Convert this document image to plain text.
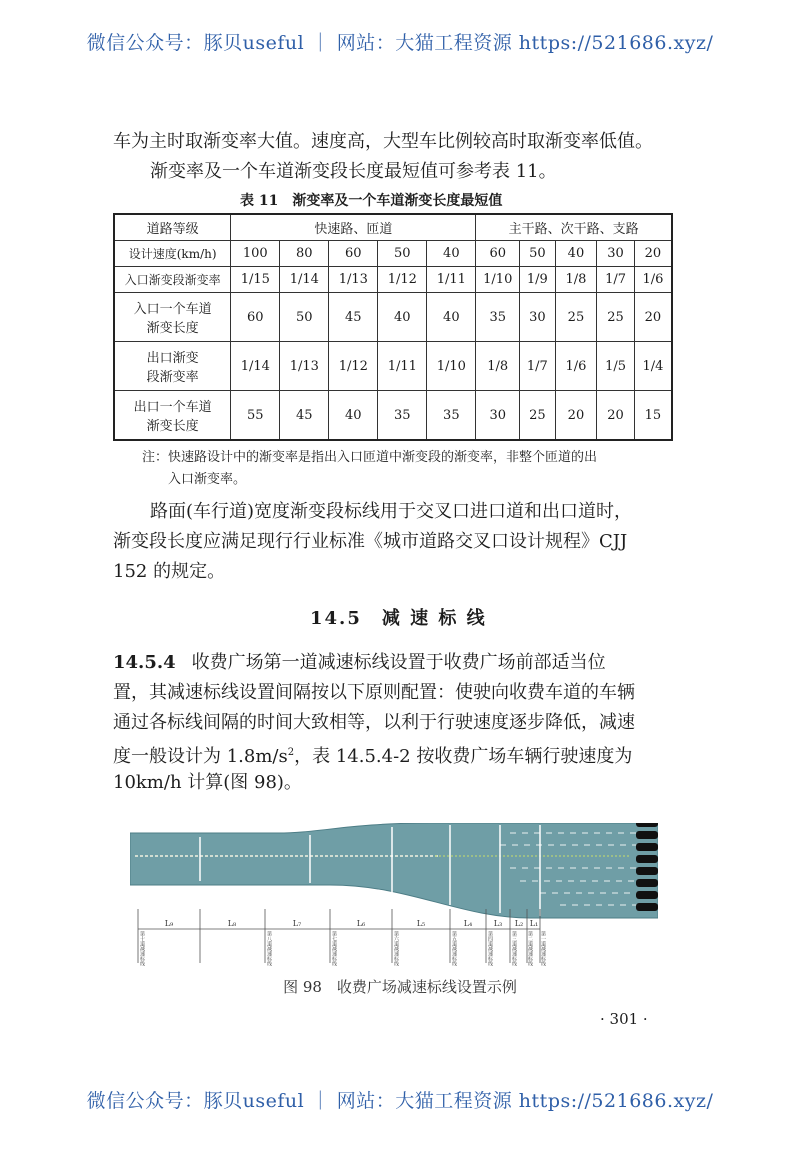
微信公众号：豚贝useful ｜ 网站：大猫工程资源 https://521686.xyz/
车为主时取渐变率大值。速度高，大型车比例较高时取渐变率低值。
渐变率及一个车道渐变段长度最短值可参考表 11。
表 11　渐变率及一个车道渐变长度最短值
道路等级	快速路、匝道					主干路、次干路、支路				
设计速度(km/h)	100	80	60	50	40	60	50	40	30	20
入口渐变段渐变率	1/15	1/14	1/13	1/12	1/11	1/10	1/9	1/8	1/7	1/6

入口一个车道
渐变长度	60	50	45	40	40	35	30	25	25	20

出口渐变
段渐变率	1/14	1/13	1/12	1/11	1/10	1/8	1/7	1/6	1/5	1/4

出口一个车道
渐变长度	55	45	40	35	35	30	25	20	20	15
注：快速路设计中的渐变率是指出入口匝道中渐变段的渐变率，非整个匝道的出
入口渐变率。
路面(车行道)宽度渐变段标线用于交叉口进口道和出口道时，
渐变段长度应满足现行行业标准《城市道路交叉口设计规程》CJJ
152 的规定。
14.5　减 速 标 线
14.5.4 收费广场第一道减速标线设置于收费广场前部适当位
置，其减速标线设置间隔按以下原则配置：使驶向收费车道的车辆
通过各标线间隔的时间大致相等，以利于行驶速度逐步降低，减速
度一般设计为 $1.8m/s^2$，表 14.5.4-2 按收费广场车辆行驶速度为
10km/h 计算(图 98)。
L₉	L₈	L₇	L₆	L₅	L₄	L₃ L₂ L₁
第十道减速标线	第八道减速标线	第七道减速标线	第六道减速标线	第五道减速标线	第四道减速标线	第三道减速标线 第二道减速标线 第一道减速标线
图 98　收费广场减速标线设置示例
· 301 ·
微信公众号：豚贝useful ｜ 网站：大猫工程资源 https://521686.xyz/
